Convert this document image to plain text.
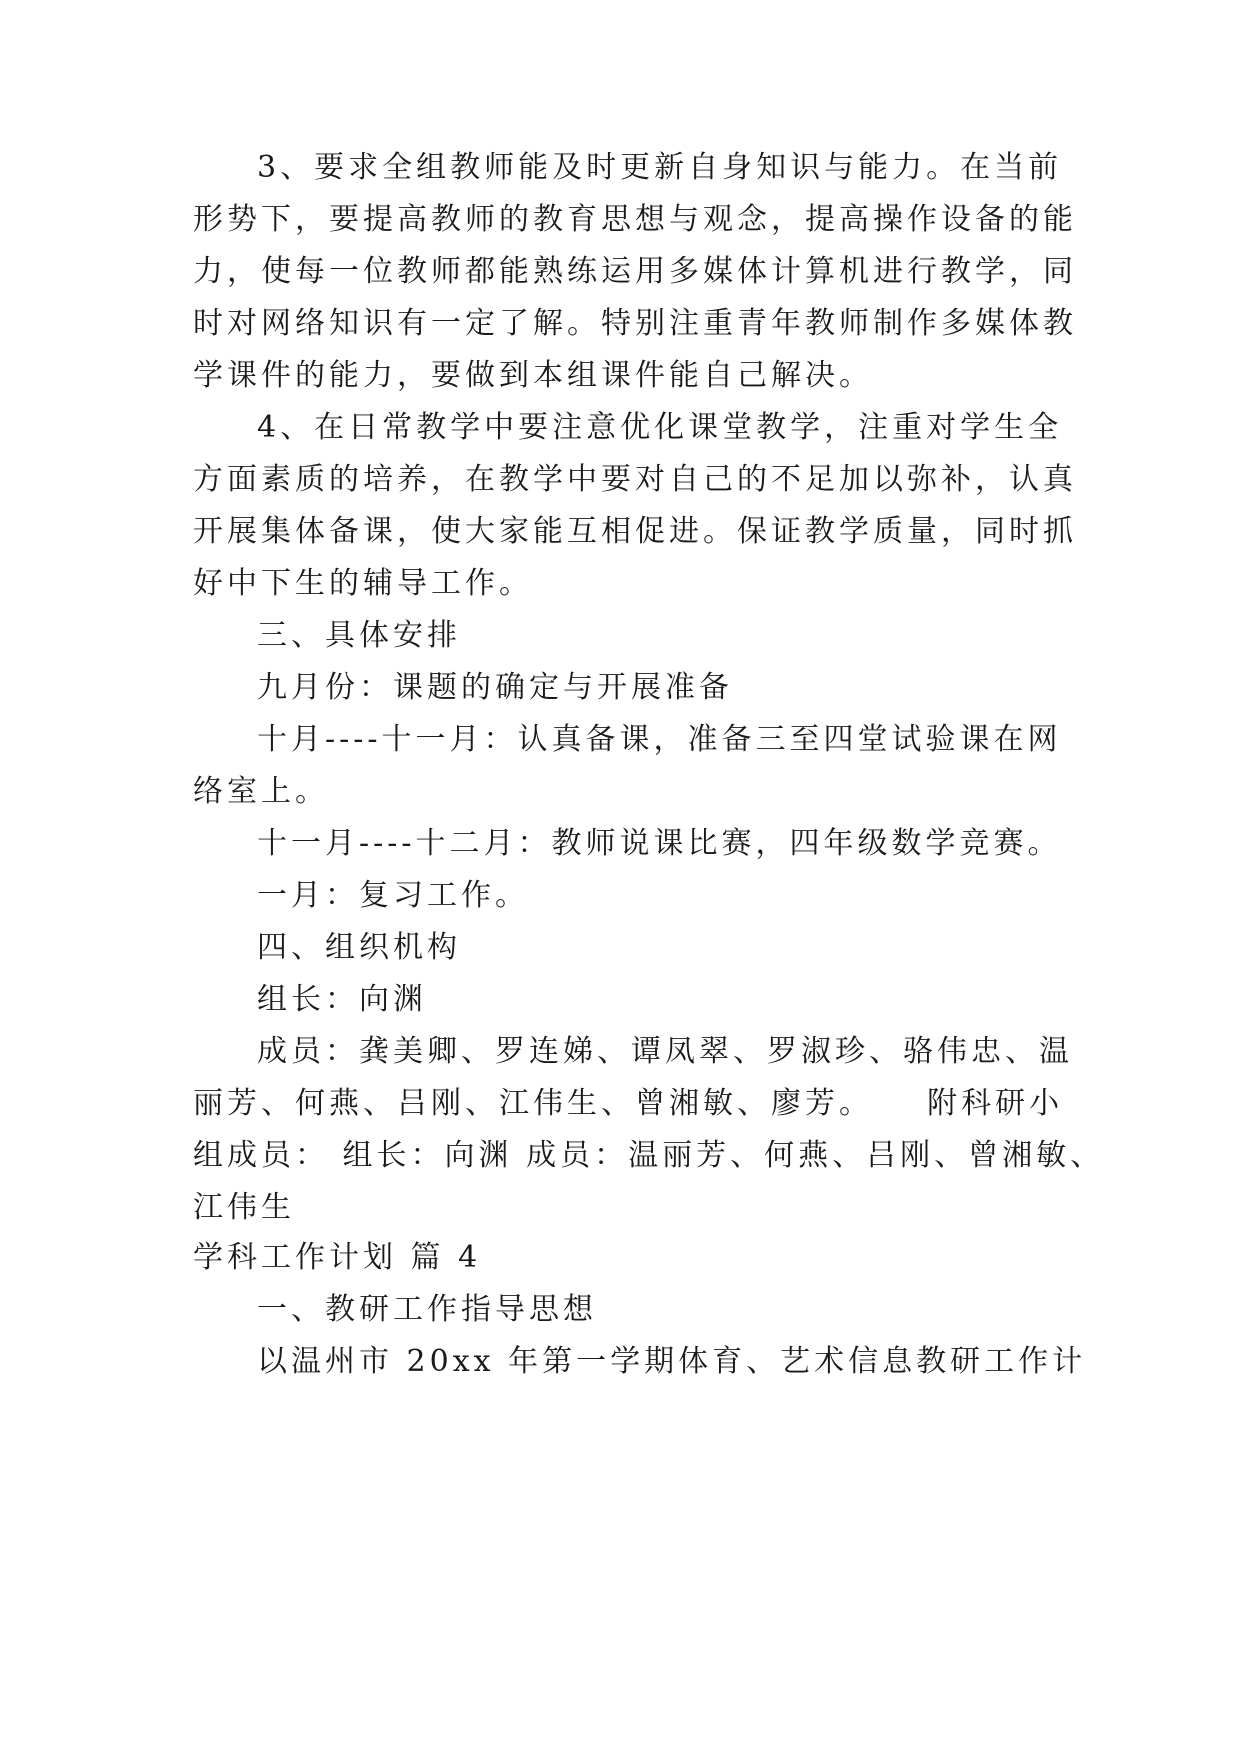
3、要求全组教师能及时更新自身知识与能力。在当前
形势下，要提高教师的教育思想与观念，提高操作设备的能
力，使每一位教师都能熟练运用多媒体计算机进行教学，同
时对网络知识有一定了解。特别注重青年教师制作多媒体教
学课件的能力，要做到本组课件能自己解决。
4、在日常教学中要注意优化课堂教学，注重对学生全
方面素质的培养，在教学中要对自己的不足加以弥补，认真
开展集体备课，使大家能互相促进。保证教学质量，同时抓
好中下生的辅导工作。
三、具体安排
九月份：课题的确定与开展准备
十月----十一月：认真备课，准备三至四堂试验课在网
络室上。
十一月----十二月：教师说课比赛，四年级数学竞赛。
一月：复习工作。
四、组织机构
组长：向渊
成员：龚美卿、罗连娣、谭凤翠、罗淑珍、骆伟忠、温
丽芳、何燕、吕刚、江伟生、曾湘敏、廖芳。    附科研小
组成员： 组长：向渊 成员：温丽芳、何燕、吕刚、曾湘敏、
江伟生
学科工作计划 篇 4
一、教研工作指导思想
以温州市 20xx 年第一学期体育、艺术信息教研工作计
